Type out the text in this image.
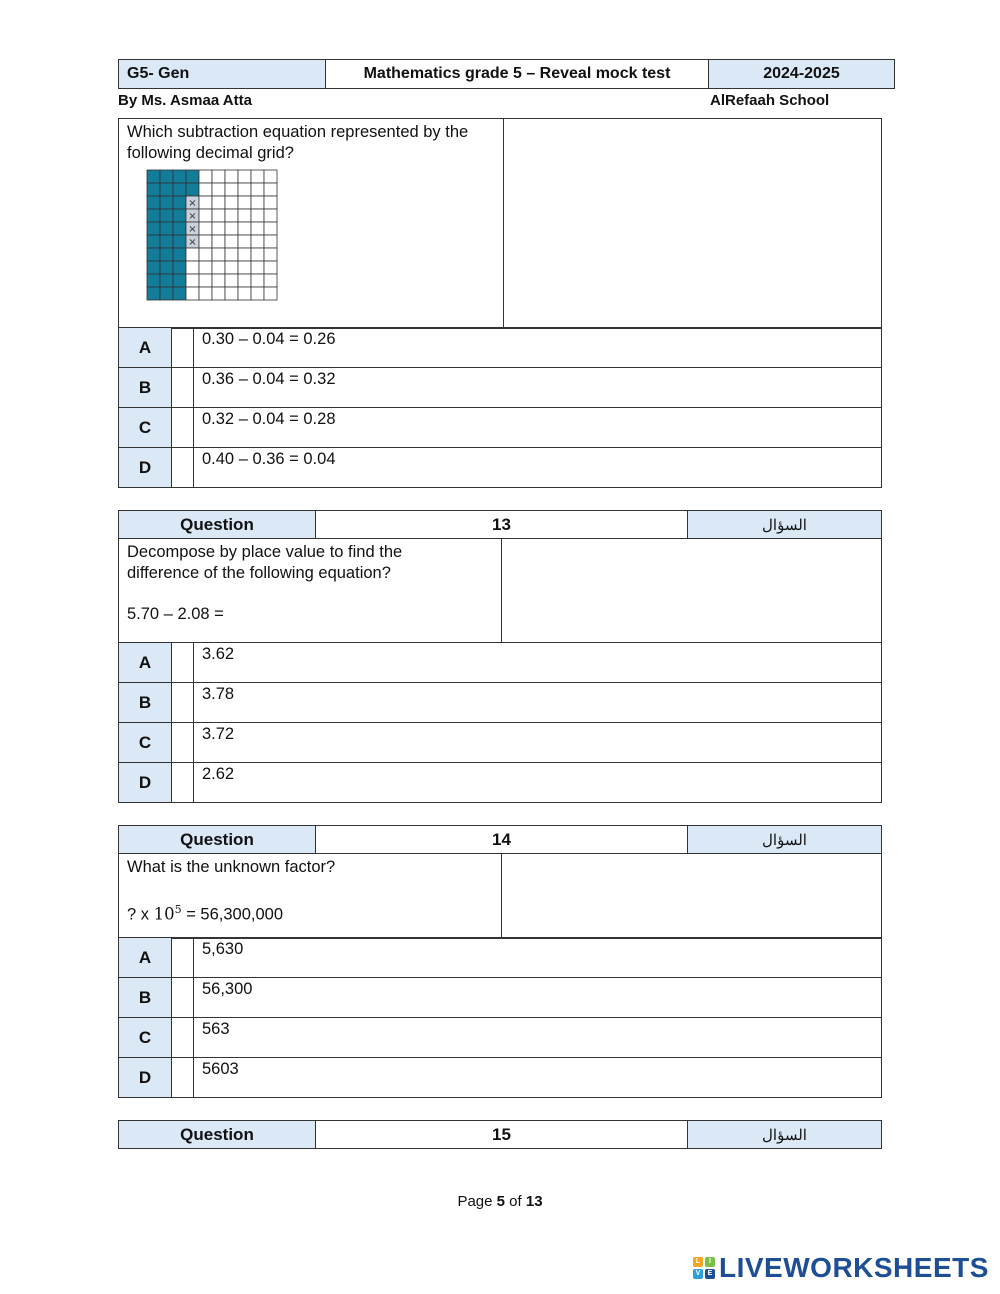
G5- Gen	Mathematics grade 5 – Reveal mock test	2024-2025
By Ms. Asmaa Atta	AlRefaah School
Which subtraction equation represented by the following decimal grid?
×
×
×
×

A		0.30 – 0.04 = 0.26
B		0.36 – 0.04 = 0.32
C		0.32 – 0.04 = 0.28
D		0.40 – 0.36 = 0.04
Question	13	السؤال
Decompose by place value to find the
difference of the following equation?
5.70 – 2.08 =

A		3.62
B		3.78
C		3.72
D		2.62
Question	14	السؤال
What is the unknown factor?
? x $10^5 = 56,300,000$

A		5,630
B		56,300
C		563
D		5603
Question	15	السؤال
Page 5 of 13
L	I
V	E LIVEWORKSHEETS
